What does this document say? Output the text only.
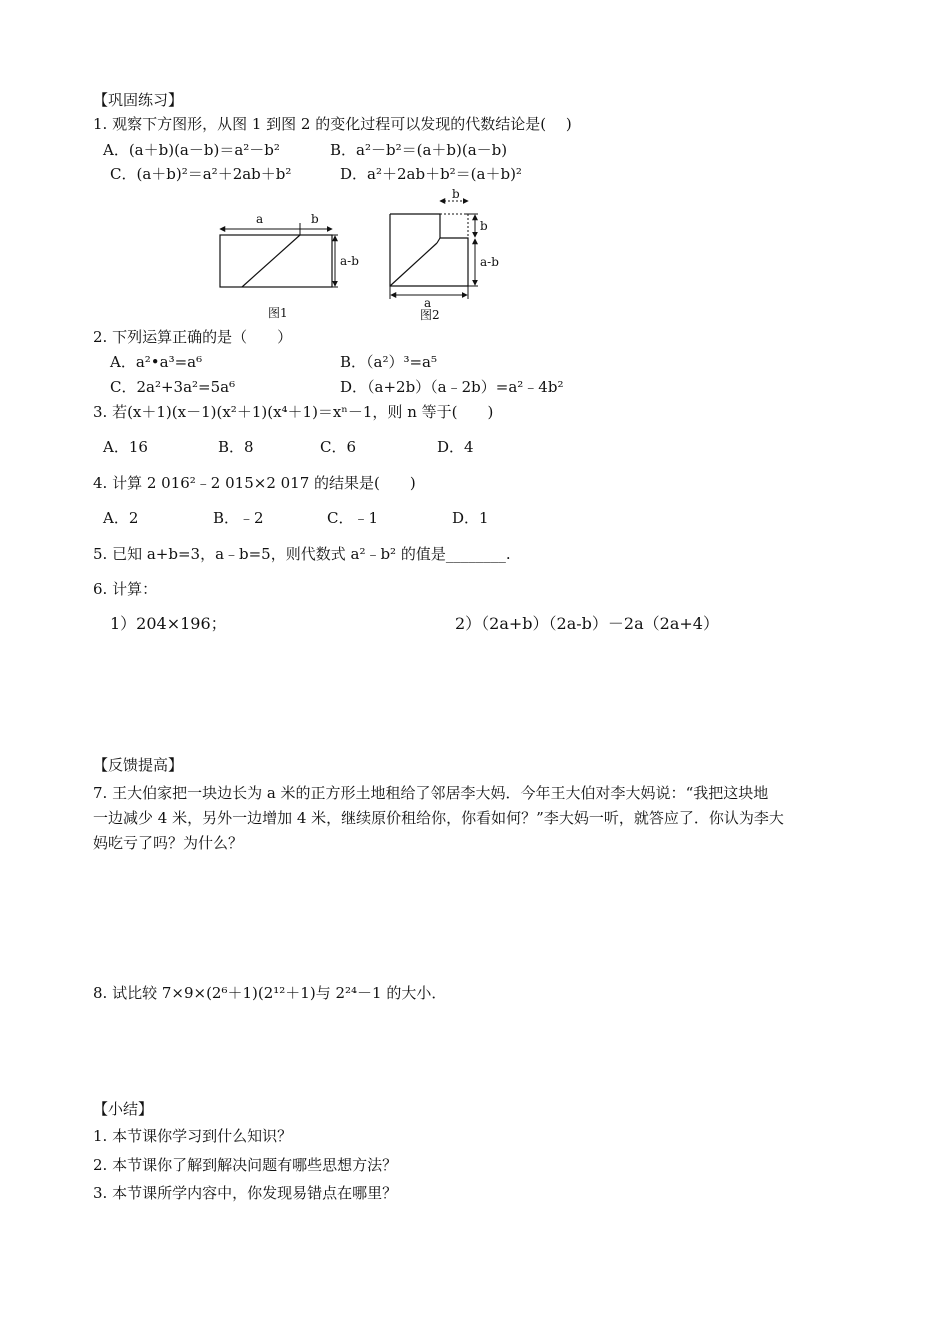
【巩固练习】
1. 观察下方图形，从图 1 到图 2 的变化过程可以发现的代数结论是(　 )
A．(a＋b)(a－b)＝a²－b²	B．a²－b²＝(a＋b)(a－b)
C．(a＋b)²＝a²＋2ab＋b²	D．a²＋2ab＋b²＝(a＋b)²
a	b
a-b
图1
b
b
a-b
a
图2
2. 下列运算正确的是（　　）
A．a²•a³=a⁶	B．（a²）³=a⁵
C．2a²+3a²=5a⁶	D．（a+2b）（a﹣2b）=a²﹣4b²
3. 若(x＋1)(x－1)(x²＋1)(x⁴＋1)＝xⁿ－1，则 n 等于(　　)
A．16	B．8	C．6	D．4
4. 计算 2 016²﹣2 015×2 017 的结果是(　　)
A．2	B．﹣2	C．﹣1	D．1
5. 已知 a+b=3，a﹣b=5，则代数式 a²﹣b² 的值是________.
6. 计算：
1）204×196；	2）（2a+b）（2a-b）－2a（2a+4）
【反馈提高】
7. 王大伯家把一块边长为 a 米的正方形土地租给了邻居李大妈．今年王大伯对李大妈说：“我把这块地
一边减少 4 米，另外一边增加 4 米，继续原价租给你，你看如何？”李大妈一听，就答应了．你认为李大
妈吃亏了吗？为什么？
8. 试比较 7×9×(2⁶＋1)(2¹²＋1)与 2²⁴－1 的大小．
【小结】
1. 本节课你学习到什么知识？
2. 本节课你了解到解决问题有哪些思想方法？
3. 本节课所学内容中，你发现易错点在哪里？
